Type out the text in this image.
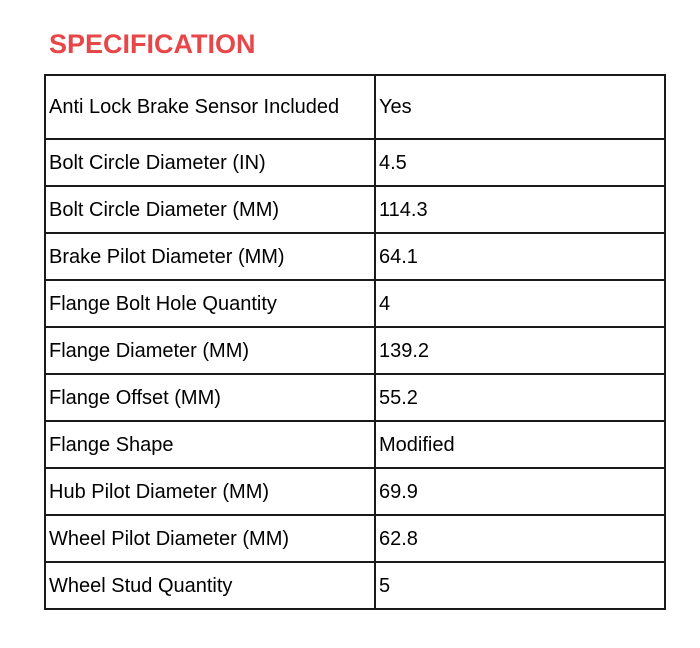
SPECIFICATION
Anti Lock Brake Sensor Included	Yes
Bolt Circle Diameter (IN)	4.5
Bolt Circle Diameter (MM)	114.3
Brake Pilot Diameter (MM)	64.1
Flange Bolt Hole Quantity	4
Flange Diameter (MM)	139.2
Flange Offset (MM)	55.2
Flange Shape	Modified
Hub Pilot Diameter (MM)	69.9
Wheel Pilot Diameter (MM)	62.8
Wheel Stud Quantity	5
